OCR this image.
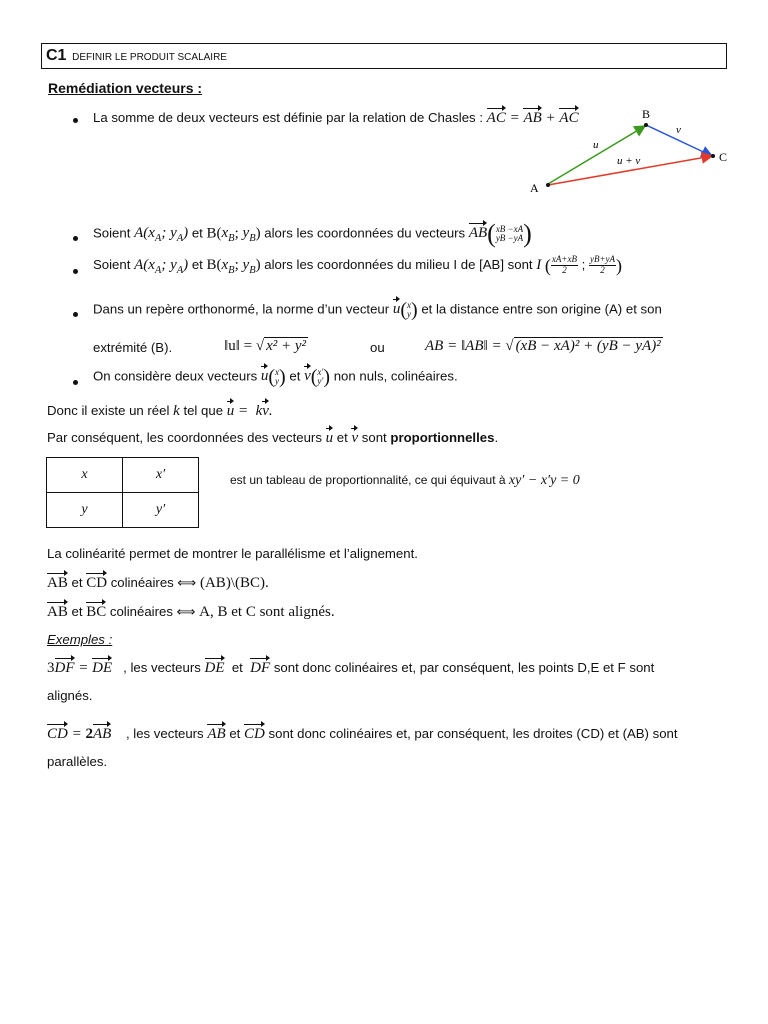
C1 DEFINIR LE PRODUIT SCALAIRE
Remédiation vecteurs :
La somme de deux vecteurs est définie par la relation de Chasles : AC = AB + AC
A
B
C
u
v
u + v
Soient $A(x_A$; $y_A$) et $B(x_B$; $y_B$) alors les coordonnées du vecteurs AB( xB −xA
yB −yA )
Soient $A(x_A$; $y_A$) et $B(x_B$; $y_B$) alors les coordonnées du milieu I de [AB] sont I ( $\frac{xA+xB}{2}$ ; $\frac{yB+yA}{2}$ )
Dans un repère orthonormé, la norme d’un vecteur u( x
y ) et la distance entre son origine (A) et son
extrémité (B).	‖u‖ = √ x² + y²	ou	AB = ‖AB‖ = √ (xB − xA)² + (yB − yA)²
On considère deux vecteurs u( x
y ) et v( x′
y′ ) non nuls, colinéaires.
Donc il existe un réel k tel que u =  kv.
Par conséquent, les coordonnées des vecteurs u et v sont proportionnelles.
x	x′
y	y′
est un tableau de proportionnalité, ce qui équivaut à xy′ − x′y = 0
La colinéarité permet de montrer le parallélisme et l’alignement.
AB et CD colinéaires ⟺ (AB)\(BC).
AB et BC colinéaires ⟺ A, B et C sont alignés.
Exemples :
3DF = DE , les vecteurs DE et DF sont donc colinéaires et, par conséquent, les points D,E et F sont
alignés.
CD = 2AB , les vecteurs AB et CD sont donc colinéaires et, par conséquent, les droites (CD) et (AB) sont
parallèles.
